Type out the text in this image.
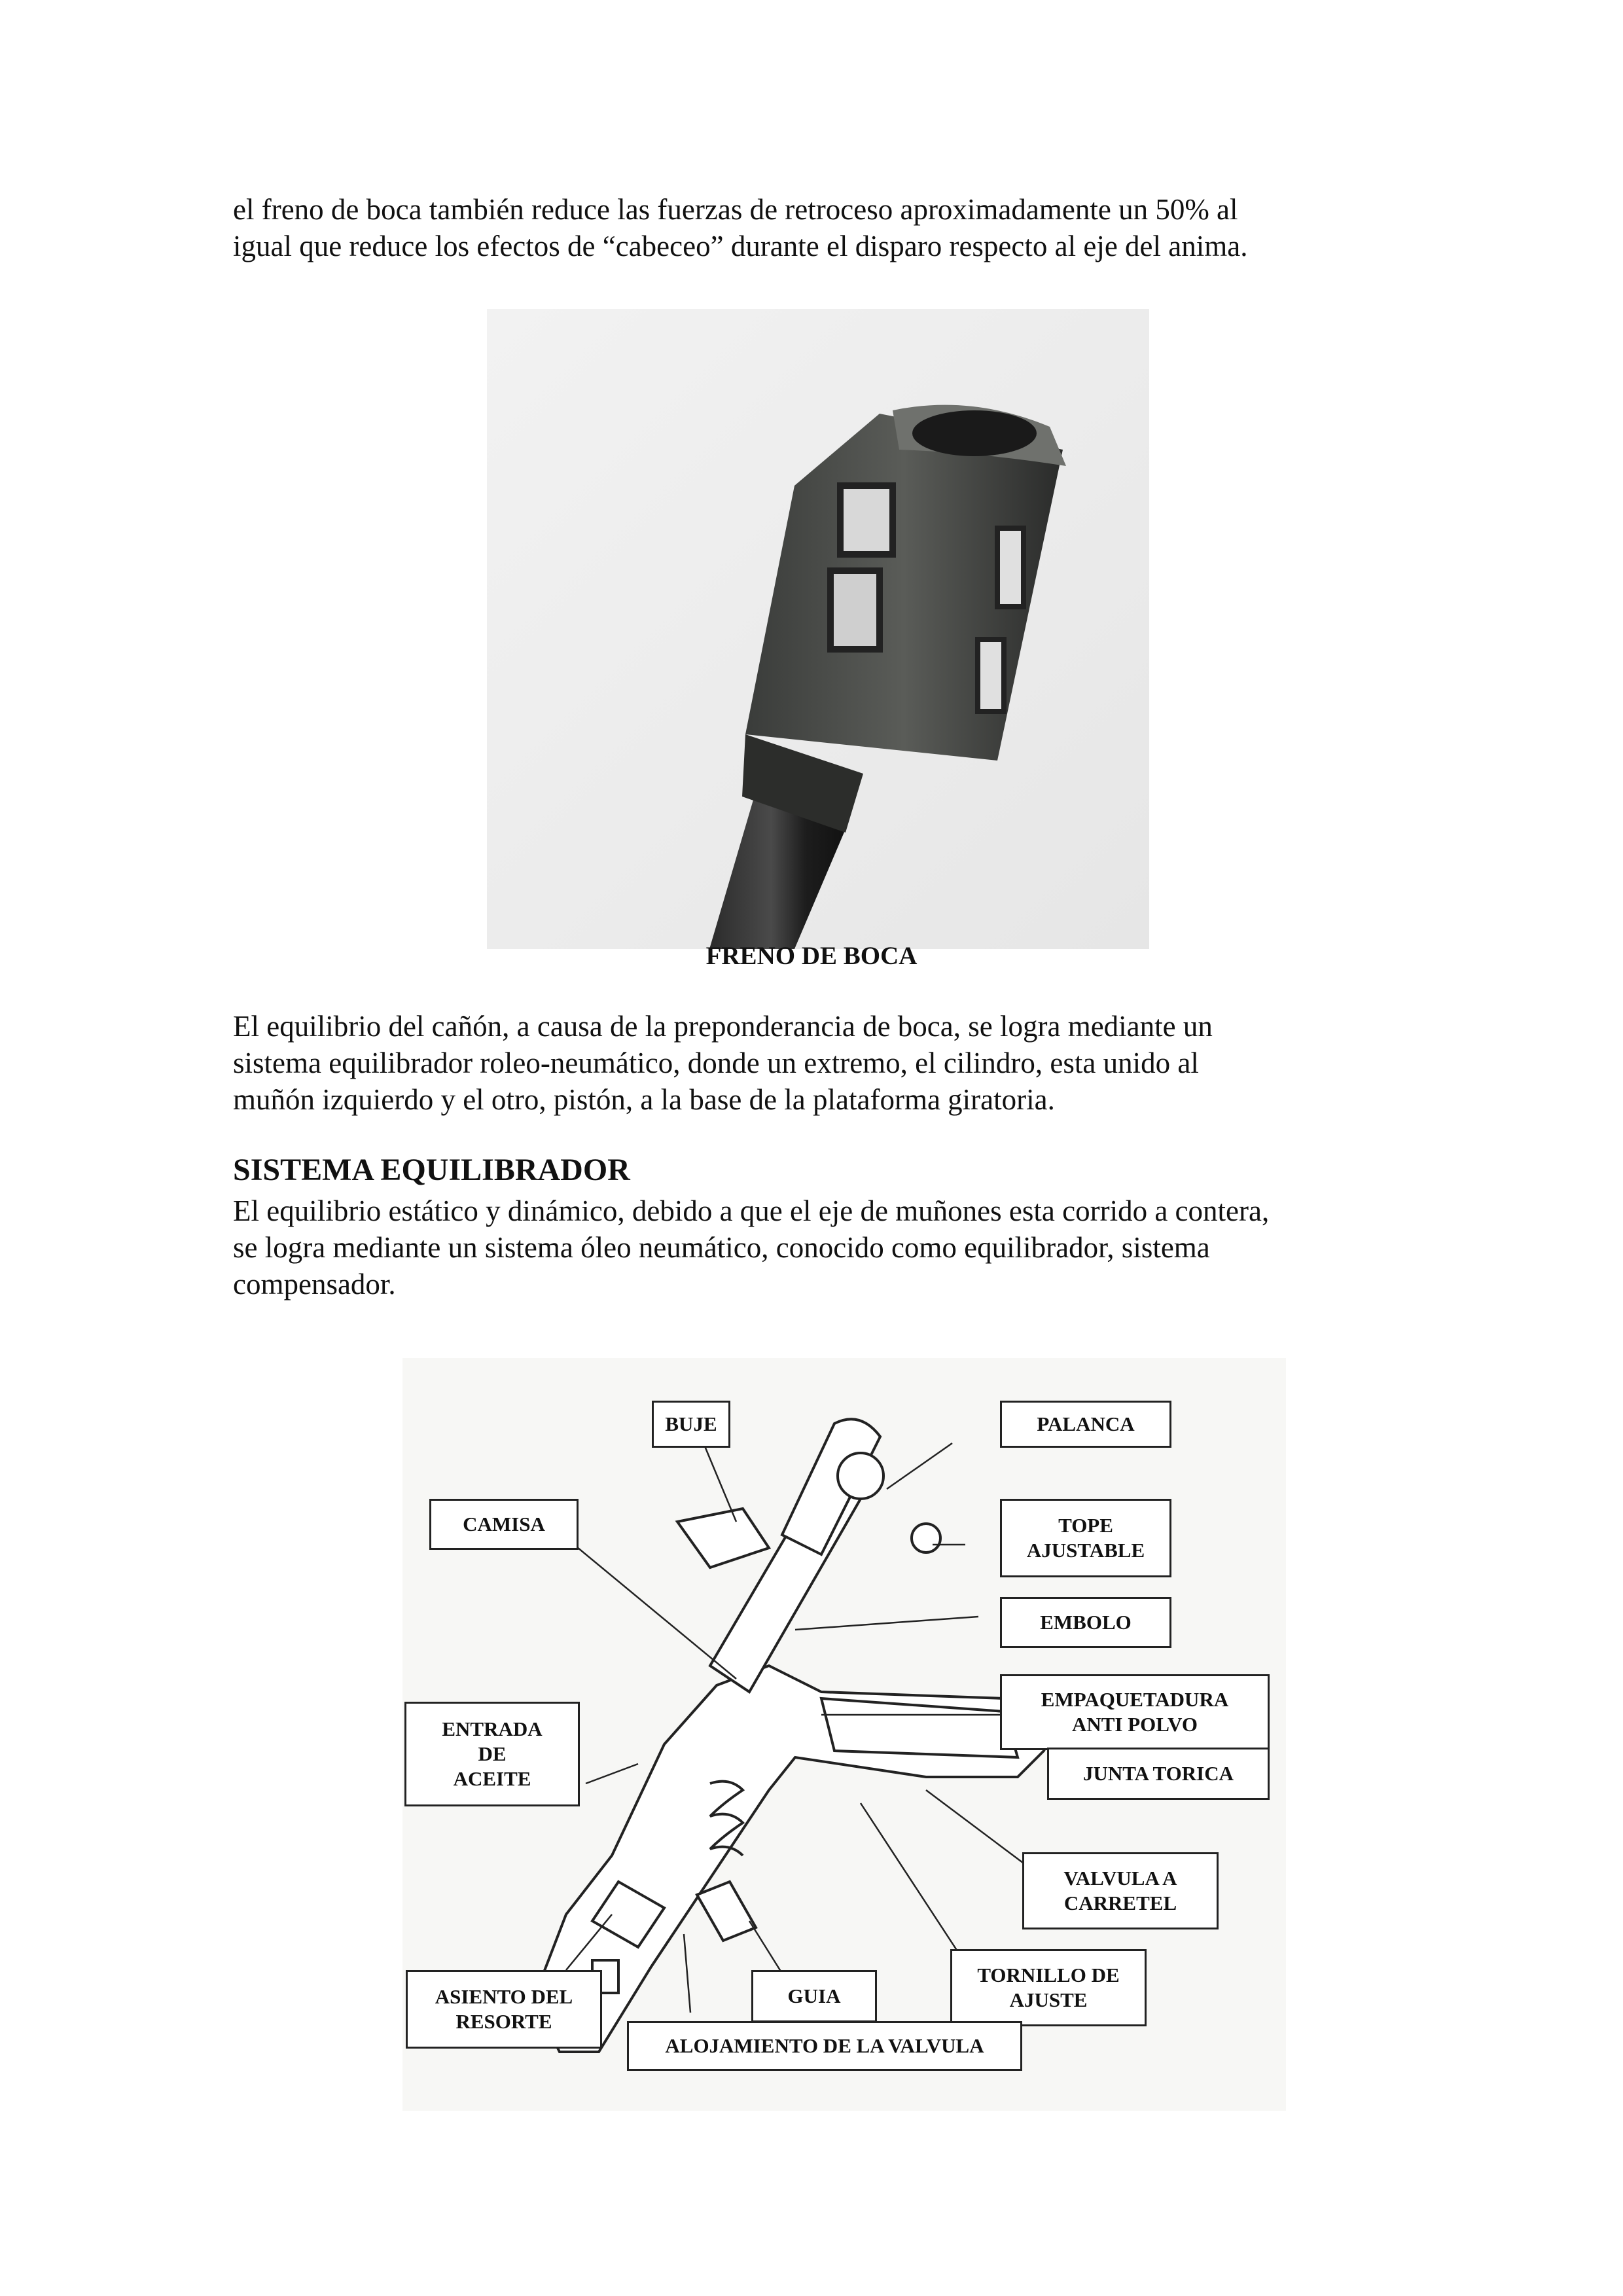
el freno de boca también reduce las fuerzas de retroceso aproximadamente un 50% al
igual que reduce los efectos de “cabeceo” durante el disparo respecto al eje del anima.
FRENO DE BOCA
El equilibrio del cañón, a causa de la preponderancia de boca, se logra mediante un
sistema equilibrador roleo-neumático, donde un extremo, el cilindro, esta unido al
muñón izquierdo y el otro, pistón, a la base de la plataforma giratoria.
SISTEMA EQUILIBRADOR
El equilibrio estático y dinámico, debido a que el eje de muñones esta corrido a contera,
se logra mediante un sistema óleo neumático, conocido como equilibrador, sistema
compensador.
BUJE	PALANCA
CAMISA	TOPE
AJUSTABLE
EMBOLO
EMPAQUETADURA
ANTI POLVO
ENTRADA
DE
ACEITE	JUNTA TORICA
VALVULA A
CARRETEL
TORNILLO DE
AJUSTE
ASIENTO DEL
RESORTE
GUIA
ALOJAMIENTO DE LA VALVULA
